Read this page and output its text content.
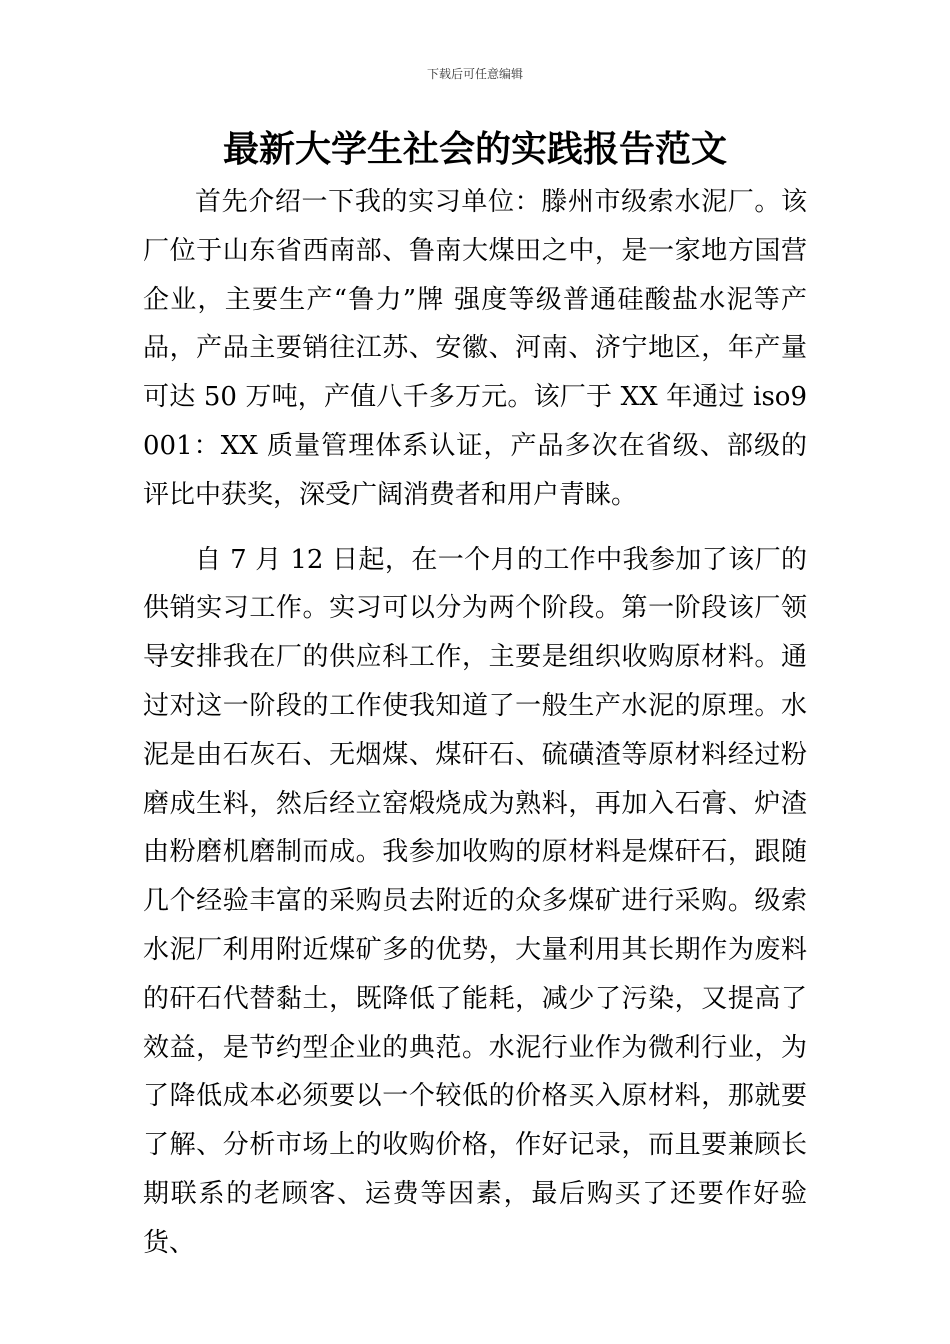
下载后可任意编辑
最新大学生社会的实践报告范文

首先介绍一下我的实习单位：滕州市级索水泥厂。该厂位于山东省西南部、鲁南大煤田之中，是一家地方国营企业，主要生产“鲁力”牌 强度等级普通硅酸盐水泥等产品，产品主要销往江苏、安徽、河南、济宁地区，年产量可达 50 万吨，产值八千多万元。该厂于 XX 年通过 iso9001：XX 质量管理体系认证，产品多次在省级、部级的评比中获奖，深受广阔消费者和用户青睐。

自 7 月 12 日起，在一个月的工作中我参加了该厂的供销实习工作。实习可以分为两个阶段。第一阶段该厂领导安排我在厂的供应科工作，主要是组织收购原材料。通过对这一阶段的工作使我知道了一般生产水泥的原理。水泥是由石灰石、无烟煤、煤矸石、硫磺渣等原材料经过粉磨成生料，然后经立窑煅烧成为熟料，再加入石膏、炉渣由粉磨机磨制而成。我参加收购的原材料是煤矸石，跟随几个经验丰富的采购员去附近的众多煤矿进行采购。级索水泥厂利用附近煤矿多的优势，大量利用其长期作为废料的矸石代替黏土，既降低了能耗，减少了污染，又提高了效益，是节约型企业的典范。水泥行业作为微利行业，为了降低成本必须要以一个较低的价格买入原材料，那就要了解、分析市场上的收购价格，作好记录，而且要兼顾长期联系的老顾客、运费等因素，最后购买了还要作好验货、
